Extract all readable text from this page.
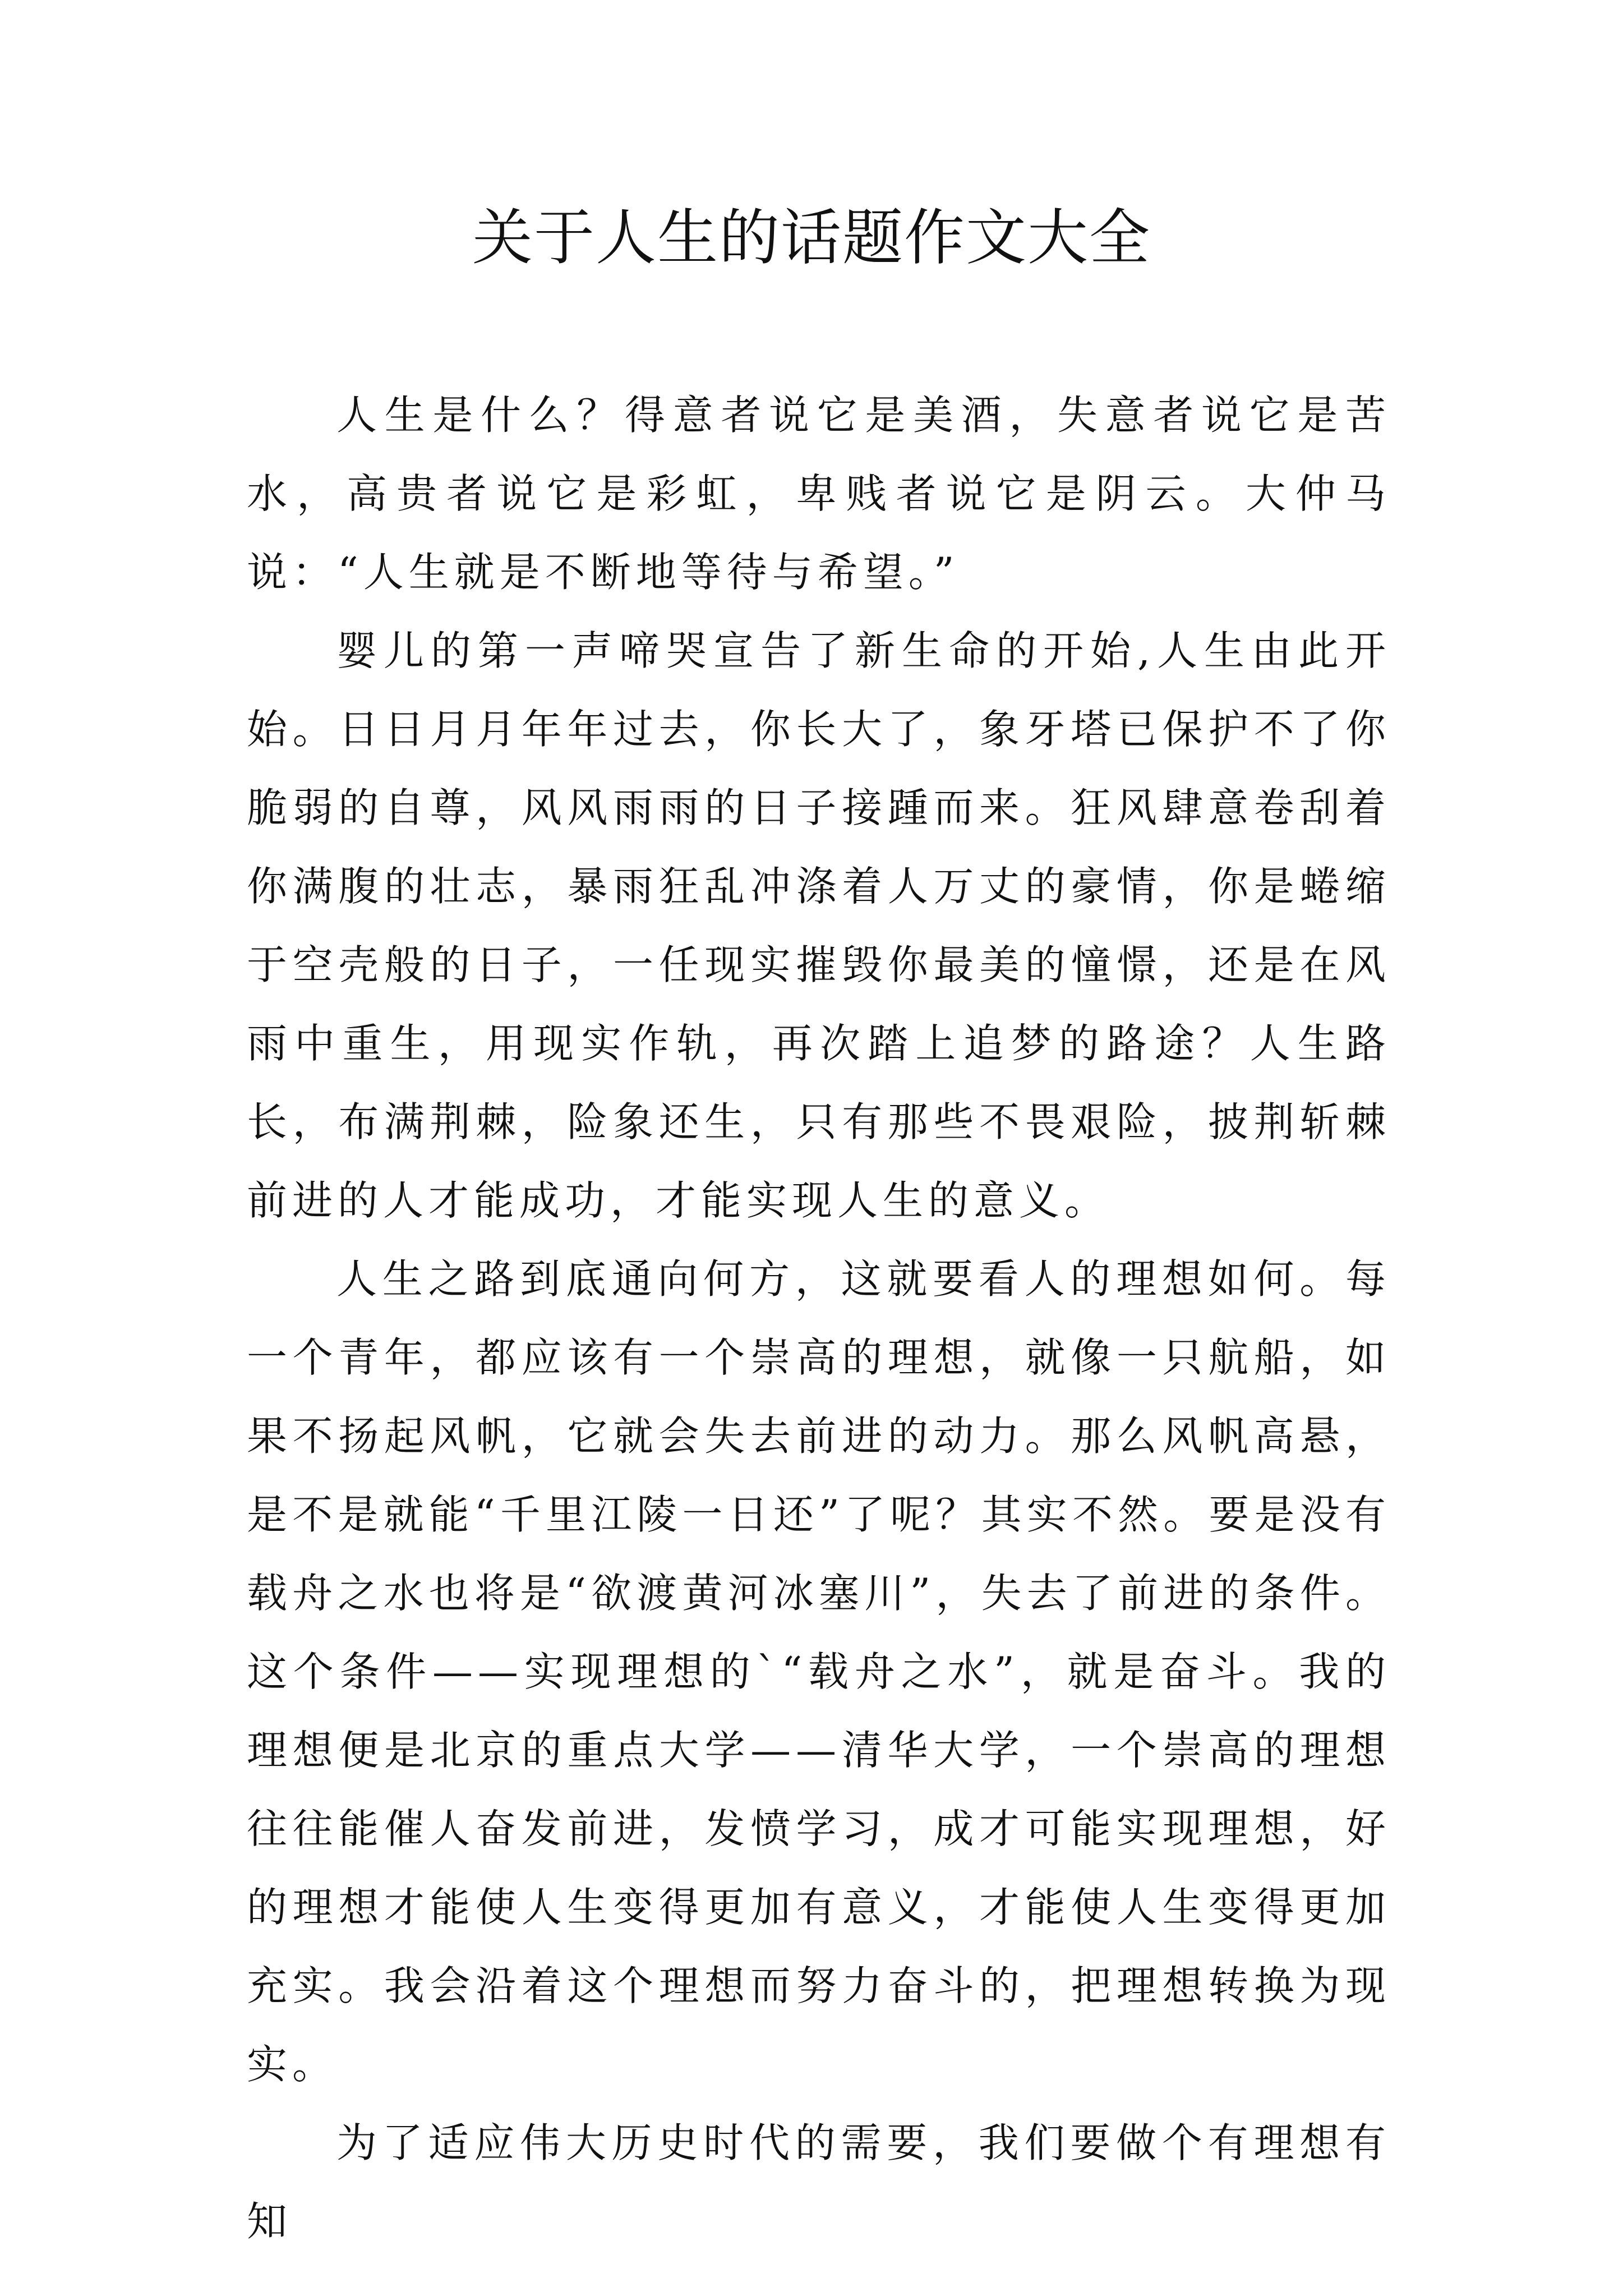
关于人生的话题作文大全

人生是什么？得意者说它是美酒，失意者说它是苦水，高贵者说它是彩虹，卑贱者说它是阴云。大仲马说：“人生就是不断地等待与希望。”

婴儿的第一声啼哭宣告了新生命的开始,人生由此开始。日日月月年年过去，你长大了，象牙塔已保护不了你脆弱的自尊，风风雨雨的日子接踵而来。狂风肆意卷刮着你满腹的壮志，暴雨狂乱冲涤着人万丈的豪情，你是蜷缩于空壳般的日子，一任现实摧毁你最美的憧憬，还是在风雨中重生，用现实作轨，再次踏上追梦的路途？人生路长，布满荆棘，险象还生，只有那些不畏艰险，披荆斩棘前进的人才能成功，才能实现人生的意义。

人生之路到底通向何方，这就要看人的理想如何。每一个青年，都应该有一个崇高的理想，就像一只航船，如果不扬起风帆，它就会失去前进的动力。那么风帆高悬，是不是就能“千里江陵一日还”了呢？其实不然。要是没有载舟之水也将是“欲渡黄河冰塞川”，失去了前进的条件。这个条件——实现理想的`“载舟之水”，就是奋斗。我的理想便是北京的重点大学——清华大学，一个崇高的理想往往能催人奋发前进，发愤学习，成才可能实现理想，好的理想才能使人生变得更加有意义，才能使人生变得更加充实。我会沿着这个理想而努力奋斗的，把理想转换为现实。

为了适应伟大历史时代的需要，我们要做个有理想有知
